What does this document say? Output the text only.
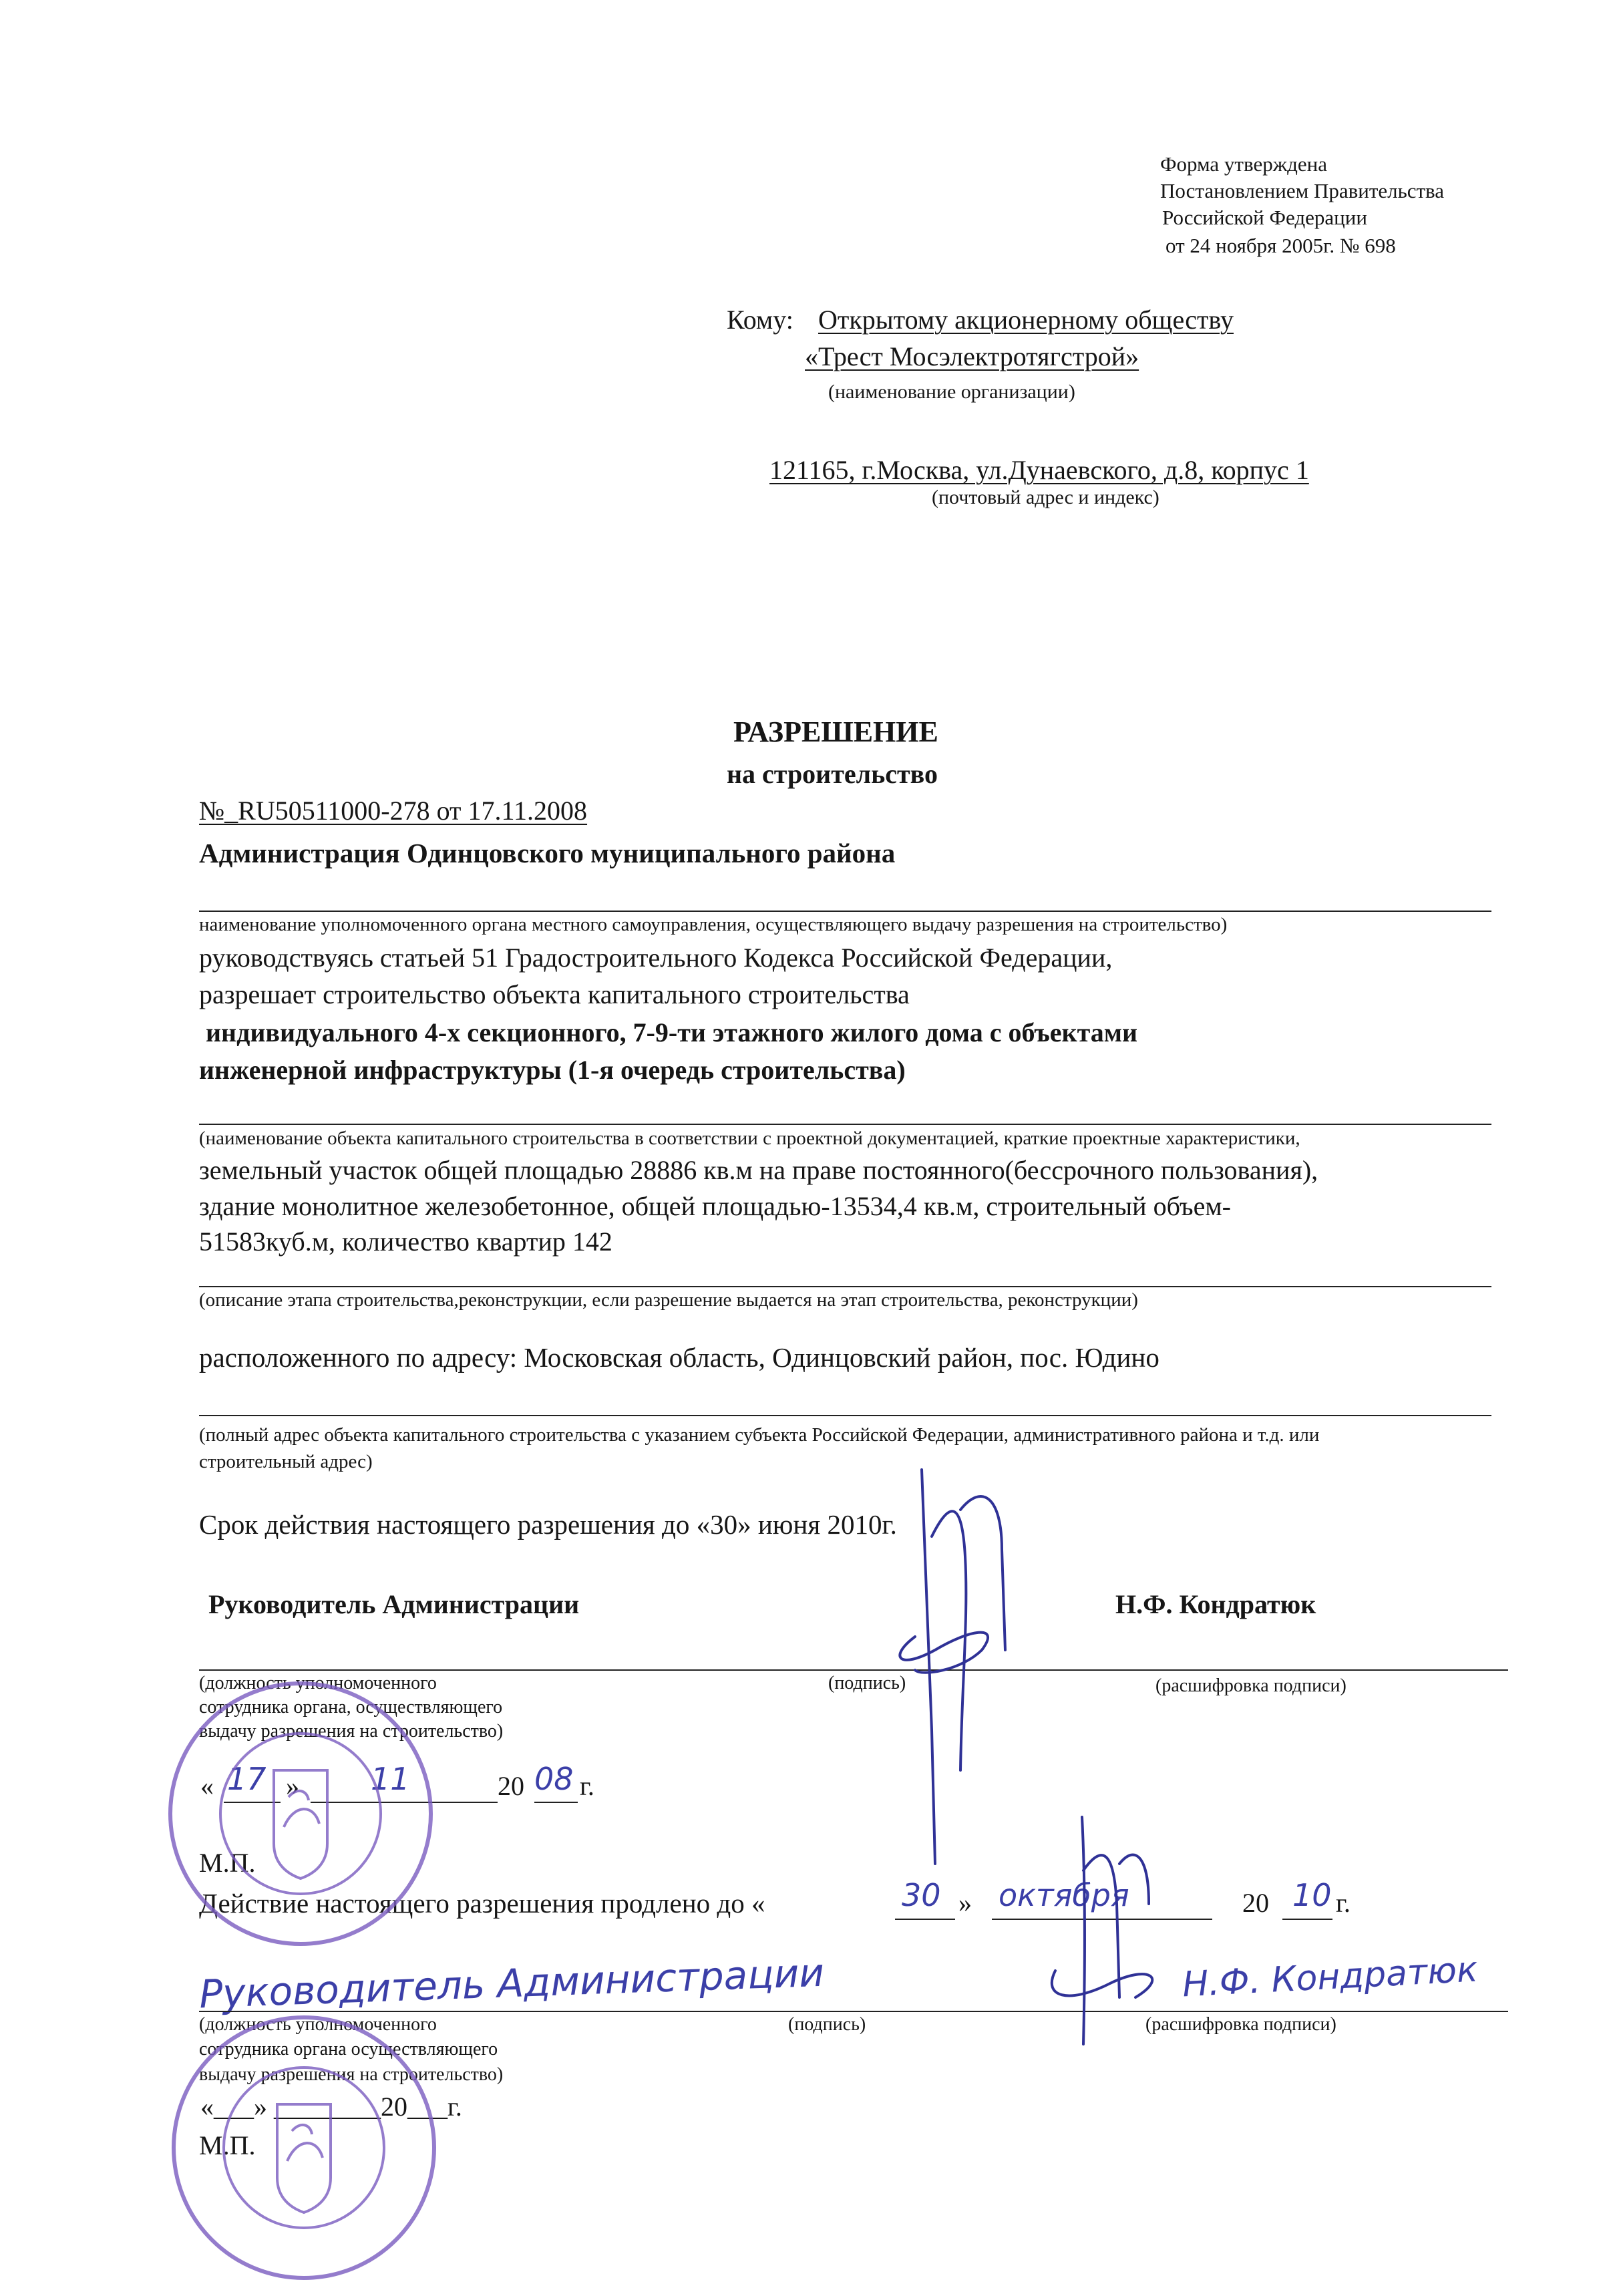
Форма утверждена
Постановлением Правительства
Российской Федерации
от 24 ноября 2005г. № 698
Кому: Открытому акционерному обществу
«Трест Мосэлектротягстрой»
(наименование организации)
121165, г.Москва, ул.Дунаевского, д.8, корпус 1
(почтовый адрес и индекс)
РАЗРЕШЕНИЕ
на строительство
№_RU50511000-278 от 17.11.2008
Администрация Одинцовского муниципального района
наименование уполномоченного органа местного самоуправления, осуществляющего выдачу разрешения на строительство)
руководствуясь статьей 51 Градостроительного Кодекса Российской Федерации,
разрешает строительство объекта капитального строительства
индивидуального 4-х секционного, 7-9-ти этажного жилого дома с объектами
инженерной инфраструктуры (1-я очередь строительства)
(наименование объекта капитального строительства в соответствии с проектной документацией, краткие проектные характеристики,
земельный участок общей площадью 28886 кв.м на праве постоянного(бессрочного пользования),
здание монолитное железобетонное, общей площадью-13534,4 кв.м, строительный объем-
51583куб.м, количество квартир 142
(описание этапа строительства,реконструкции, если разрешение выдается на этап строительства, реконструкции)
расположенного по адресу: Московская область, Одинцовский район, пос. Юдино
(полный адрес объекта капитального строительства с указанием субъекта Российской Федерации, административного района и т.д. или
строительный адрес)
Срок действия настоящего разрешения до «30» июня 2010г.
Руководитель Администрации	Н.Ф. Кондратюк
(должность уполномоченного
сотрудника органа, осуществляющего
выдачу разрешения на строительство)
(подпись)	(расшифровка подписи)
« 17 » 11	20 08 г.
М.П.
Действие настоящего разрешения продлено до «	30 » октября	20 10 г.
Руководитель Администрации	Н.Ф. Кондратюк
(должность уполномоченного
сотрудника органа осуществляющего
выдачу разрешения на строительство)
(подпись)	(расшифровка подписи)
«___» ________20___г.
М.П.
